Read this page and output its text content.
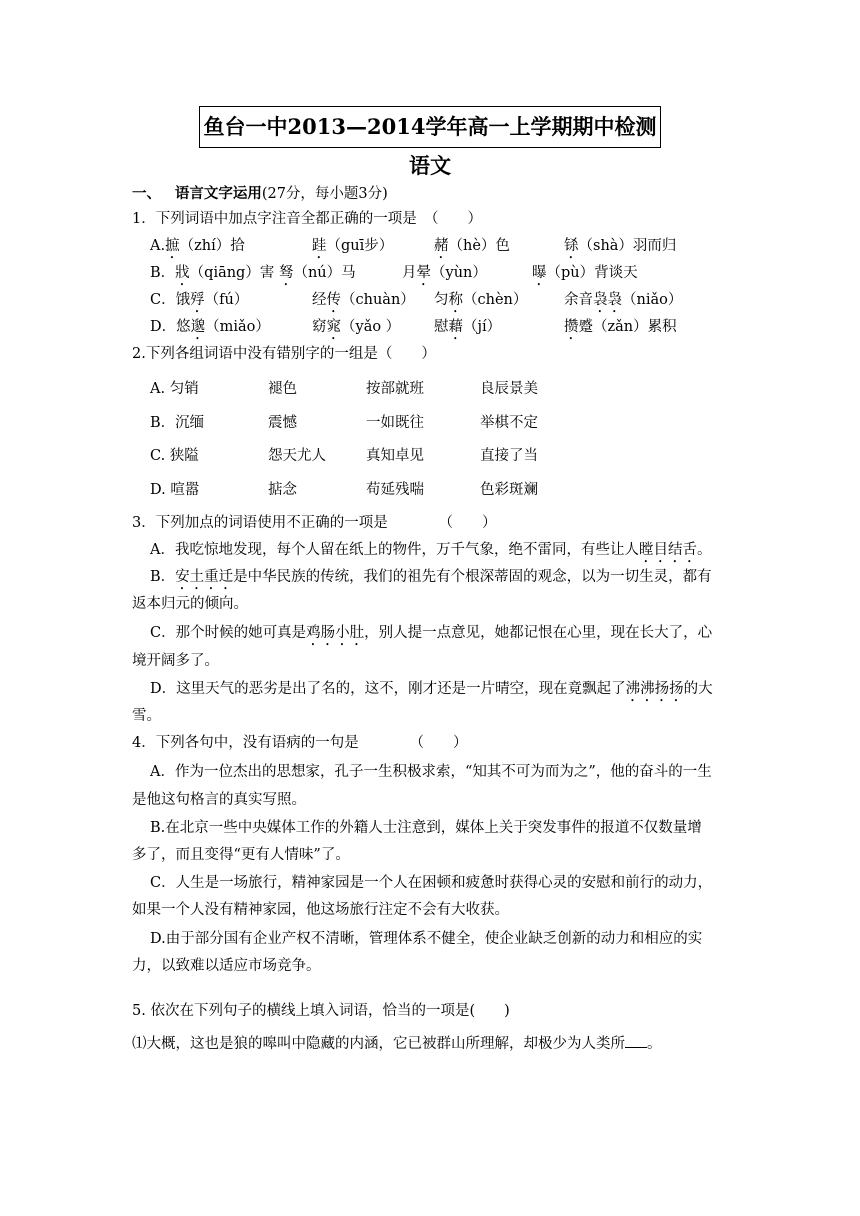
鱼台一中2013—2014学年高一上学期期中检测
语文
一、 语言文字运用(27分，每小题3分)
1．下列词语中加点字注音全都正确的一项是　（　　）
A.摭（zhí）拾	跬（guī步）	赭（hè）色	铩（shà）羽而归
B．戕（qiāng）害 驽（nú）马	月晕（yùn）	曝（pù）背谈天
C．饿殍（fú）	经传（chuàn） 匀称（chèn）	余音袅袅（niǎo）
D．悠邈（miǎo）	窈窕（yǎo ） 慰藉（jí）	攒蹙（zǎn）累积
2.下列各组词语中没有错别字的一组是（　　）
A. 匀销	褪色	按部就班	良辰景美
B．沉缅	震憾	一如既往	举棋不定
C. 狭隘	怨天尤人	真知卓见	直接了当
D. 喧嚣	掂念	苟延残喘	色彩斑斓
3．下列加点的词语使用不正确的一项是　　　　（　　）
A．我吃惊地发现，每个人留在纸上的物件，万千气象，绝不雷同，有些让人瞠目结舌。
B．安土重迁是中华民族的传统，我们的祖先有个根深蒂固的观念，以为一切生灵，都有
返本归元的倾向。
C．那个时候的她可真是鸡肠小肚，别人提一点意见，她都记恨在心里，现在长大了，心
境开阔多了。
D．这里天气的恶劣是出了名的，这不，刚才还是一片晴空，现在竟飘起了沸沸扬扬的大
雪。
4．下列各句中，没有语病的一句是　　　　（　　）
A．作为一位杰出的思想家，孔子一生积极求索，“知其不可为而为之”，他的奋斗的一生
是他这句格言的真实写照。
B.在北京一些中央媒体工作的外籍人士注意到，媒体上关于突发事件的报道不仅数量增
多了，而且变得“更有人情味”了。
C．人生是一场旅行，精神家园是一个人在困顿和疲惫时获得心灵的安慰和前行的动力，
如果一个人没有精神家园，他这场旅行注定不会有大收获。
D.由于部分国有企业产权不清晰，管理体系不健全，使企业缺乏创新的动力和相应的实
力，以致难以适应市场竞争。
5. 依次在下列句子的横线上填入词语，恰当的一项是(　　)
⑴大概，这也是狼的嗥叫中隐藏的内涵，它已被群山所理解，却极少为人类所 。
